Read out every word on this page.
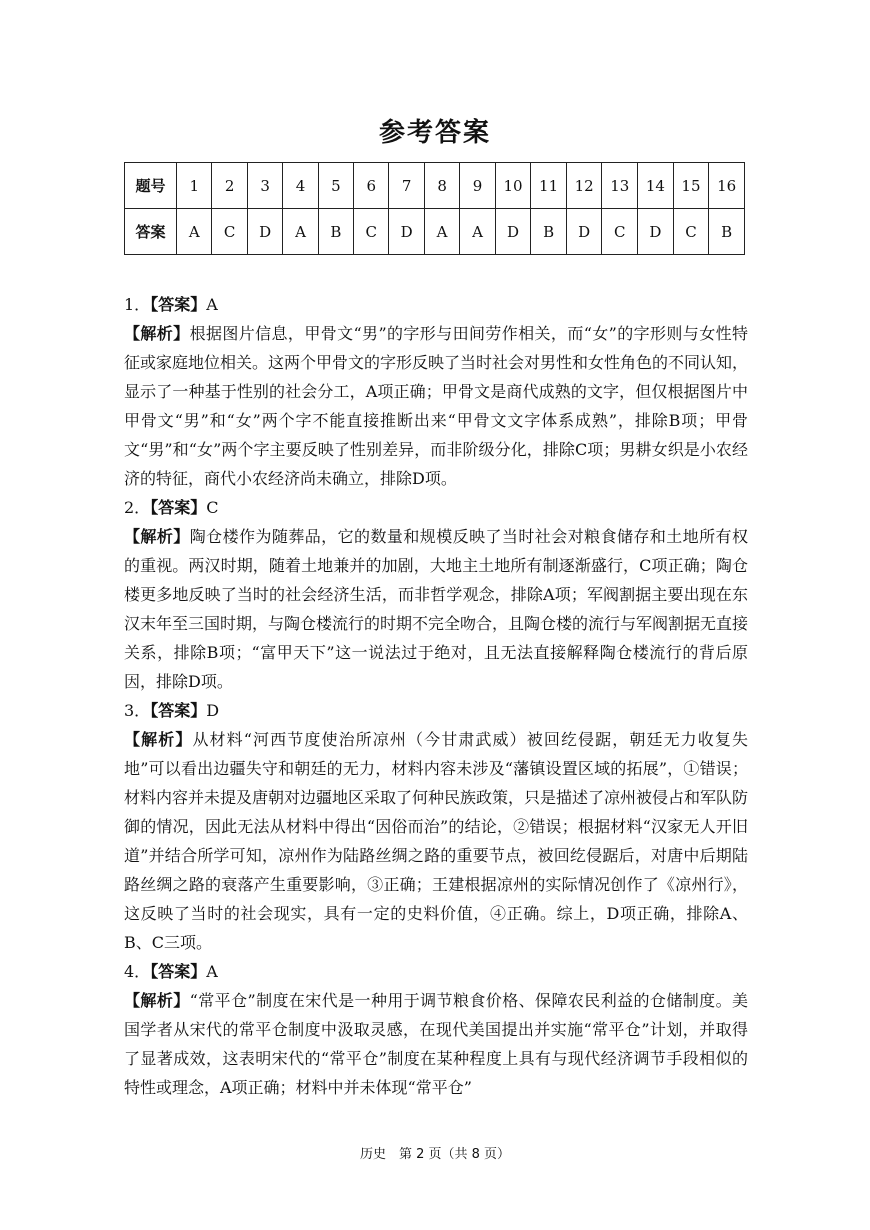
参考答案
题号	1	2	3	4	5	6	7	8	9	10	11	12	13	14	15	16
答案	A	C	D	A	B	C	D	A	A	D	B	D	C	D	C	B

1．【答案】A

【解析】根据图片信息，甲骨文“男”的字形与田间劳作相关，而“女”的字形则与女性特征或家庭地位相关。这两个甲骨文的字形反映了当时社会对男性和女性角色的不同认知，显示了一种基于性别的社会分工，A项正确；甲骨文是商代成熟的文字，但仅根据图片中甲骨文“男”和“女”两个字不能直接推断出来“甲骨文文字体系成熟”，排除B项；甲骨文“男”和“女”两个字主要反映了性别差异，而非阶级分化，排除C项；男耕女织是小农经济的特征，商代小农经济尚未确立，排除D项。

2．【答案】C

【解析】陶仓楼作为随葬品，它的数量和规模反映了当时社会对粮食储存和土地所有权的重视。两汉时期，随着土地兼并的加剧，大地主土地所有制逐渐盛行，C项正确；陶仓楼更多地反映了当时的社会经济生活，而非哲学观念，排除A项；军阀割据主要出现在东汉末年至三国时期，与陶仓楼流行的时期不完全吻合，且陶仓楼的流行与军阀割据无直接关系，排除B项；“富甲天下”这一说法过于绝对，且无法直接解释陶仓楼流行的背后原因，排除D项。

3．【答案】D

【解析】从材料“河西节度使治所凉州（今甘肃武威）被回纥侵踞，朝廷无力收复失地”可以看出边疆失守和朝廷的无力，材料内容未涉及“藩镇设置区域的拓展”，①错误；材料内容并未提及唐朝对边疆地区采取了何种民族政策，只是描述了凉州被侵占和军队防御的情况，因此无法从材料中得出“因俗而治”的结论，②错误；根据材料“汉家无人开旧道”并结合所学可知，凉州作为陆路丝绸之路的重要节点，被回纥侵踞后，对唐中后期陆路丝绸之路的衰落产生重要影响，③正确；王建根据凉州的实际情况创作了《凉州行》，这反映了当时的社会现实，具有一定的史料价值，④正确。综上，D项正确，排除A、B、C三项。

4．【答案】A

【解析】“常平仓”制度在宋代是一种用于调节粮食价格、保障农民利益的仓储制度。美国学者从宋代的常平仓制度中汲取灵感，在现代美国提出并实施“常平仓”计划，并取得了显著成效，这表明宋代的“常平仓”制度在某种程度上具有与现代经济调节手段相似的特性或理念，A项正确；材料中并未体现“常平仓”

历史　第 2 页（共 8 页）
